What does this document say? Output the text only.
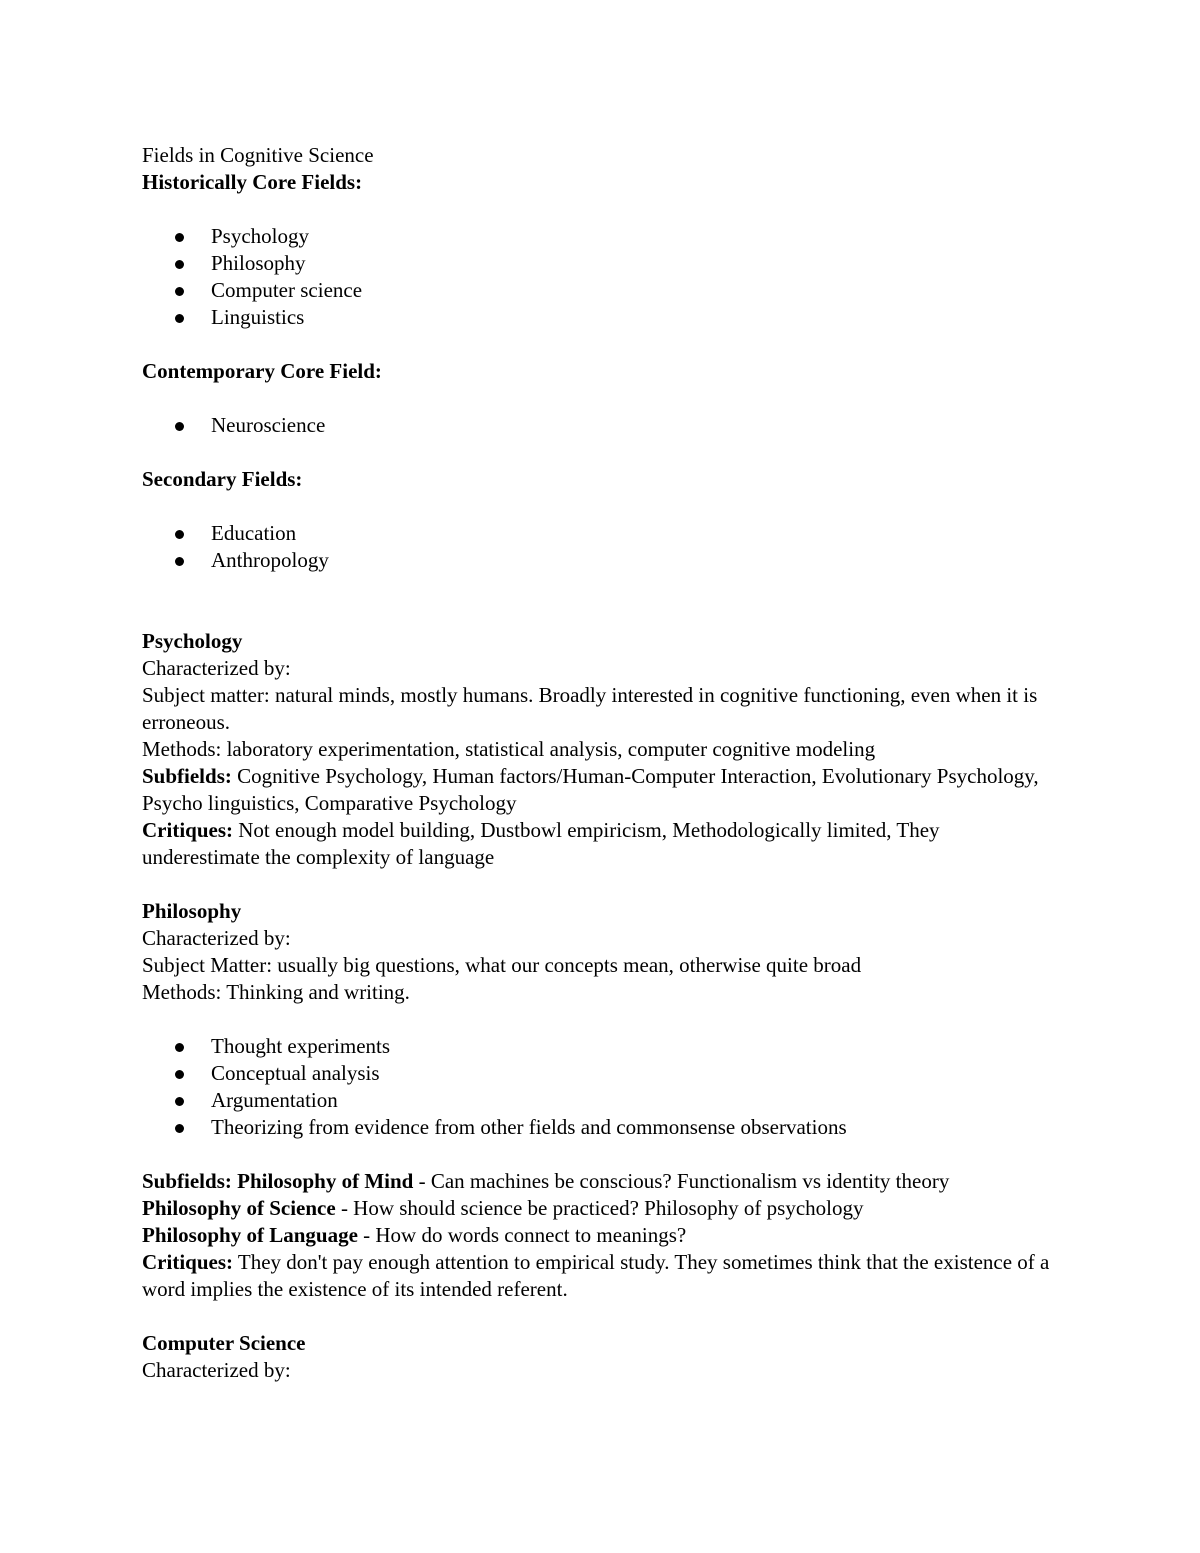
Fields in Cognitive Science

Historically Core Fields:

Psychology
Philosophy
Computer science
Linguistics

Contemporary Core Field:

Neuroscience

Secondary Fields:

Education
Anthropology

Psychology

Characterized by:

Subject matter: natural minds, mostly humans. Broadly interested in cognitive functioning, even when it is erroneous.

Methods: laboratory experimentation, statistical analysis, computer cognitive modeling

Subfields: Cognitive Psychology, Human factors/Human-Computer Interaction, Evolutionary Psychology, Psycho linguistics, Comparative Psychology

Critiques: Not enough model building, Dustbowl empiricism, Methodologically limited, They underestimate the complexity of language

Philosophy

Characterized by:

Subject Matter: usually big questions, what our concepts mean, otherwise quite broad

Methods: Thinking and writing.

Thought experiments
Conceptual analysis
Argumentation
Theorizing from evidence from other fields and commonsense observations

Subfields: Philosophy of Mind - Can machines be conscious? Functionalism vs identity theory

Philosophy of Science - How should science be practiced? Philosophy of psychology

Philosophy of Language - How do words connect to meanings?

Critiques: They don't pay enough attention to empirical study. They sometimes think that the existence of a word implies the existence of its intended referent.

Computer Science

Characterized by:
